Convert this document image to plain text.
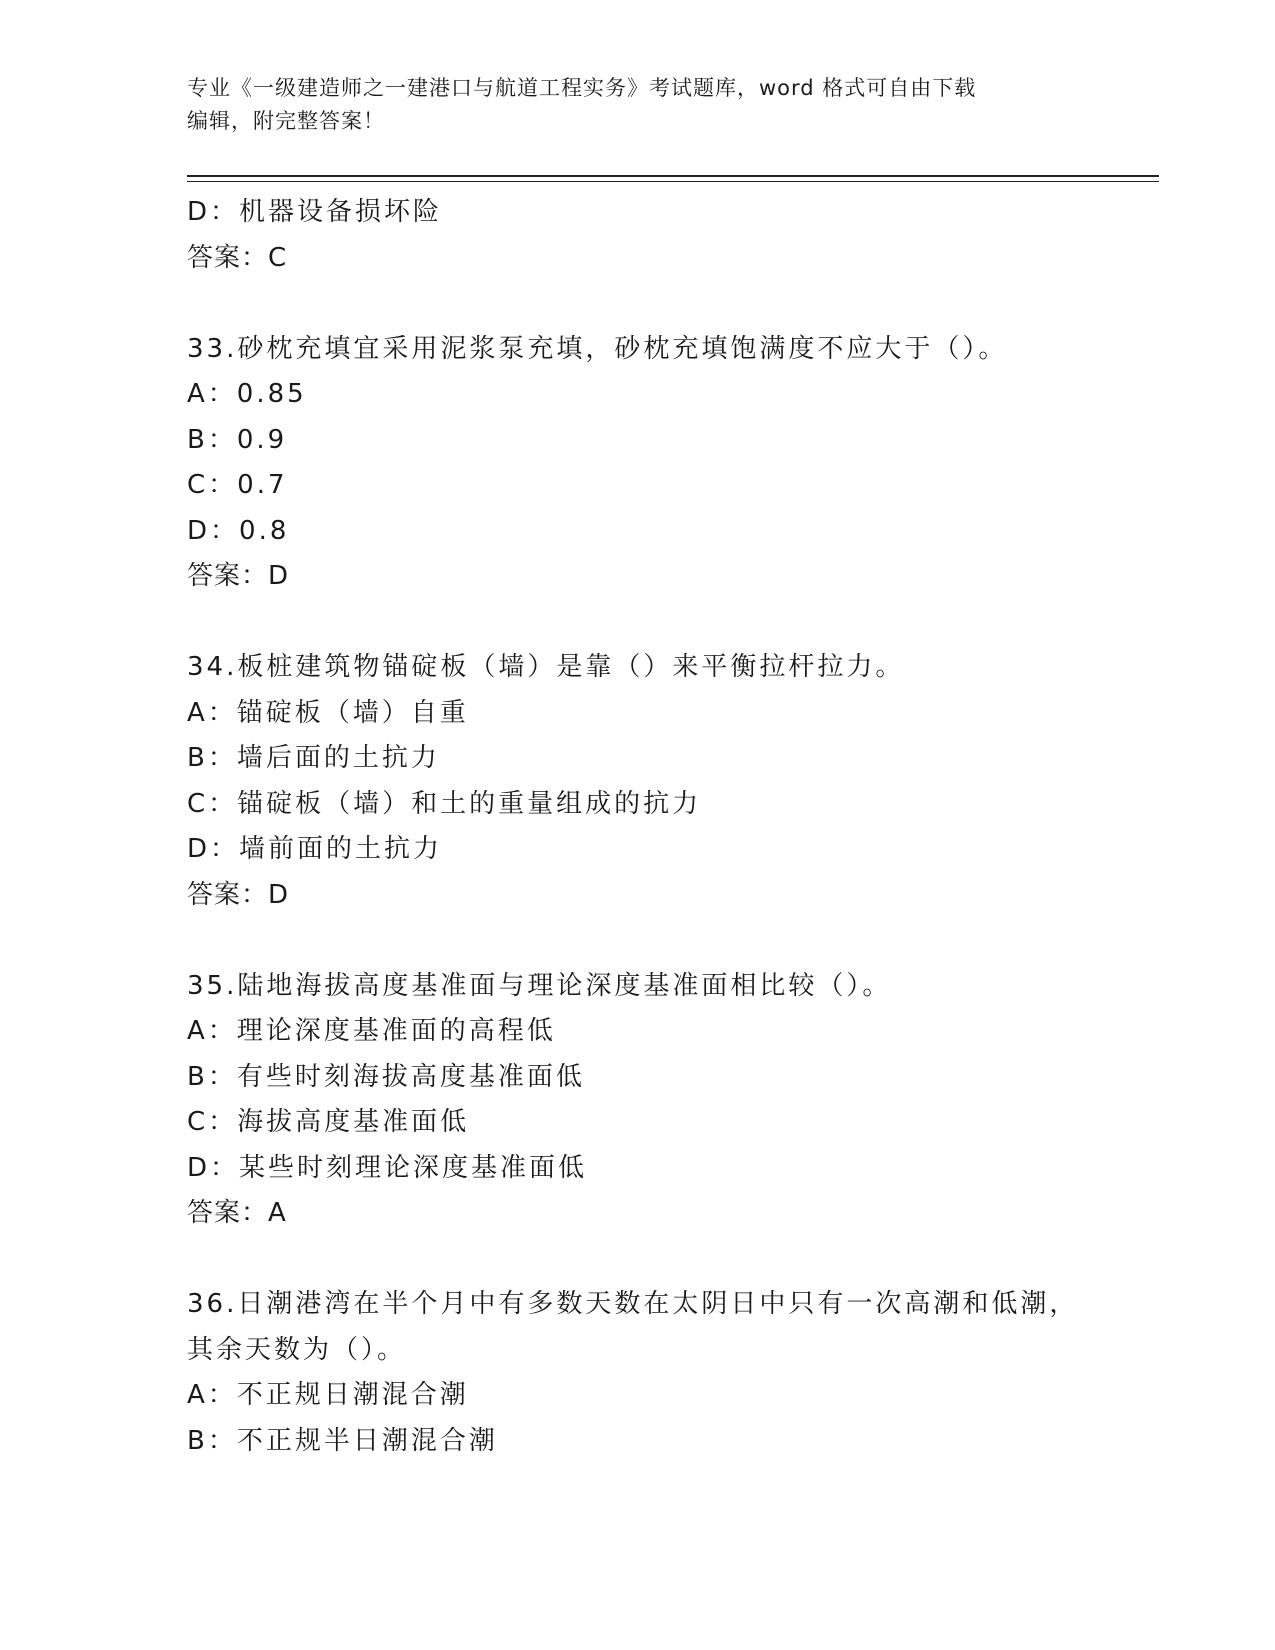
专业《一级建造师之一建港口与航道工程实务》考试题库，word 格式可自由下载
编辑，附完整答案！
D：机器设备损坏险
答案：C
33.砂枕充填宜采用泥浆泵充填，砂枕充填饱满度不应大于（）。
A：0.85
B：0.9
C：0.7
D：0.8
答案：D
34.板桩建筑物锚碇板（墙）是靠（）来平衡拉杆拉力。
A：锚碇板（墙）自重
B：墙后面的土抗力
C：锚碇板（墙）和土的重量组成的抗力
D：墙前面的土抗力
答案：D
35.陆地海拔高度基准面与理论深度基准面相比较（）。
A：理论深度基准面的高程低
B：有些时刻海拔高度基准面低
C：海拔高度基准面低
D：某些时刻理论深度基准面低
答案：A
36.日潮港湾在半个月中有多数天数在太阴日中只有一次高潮和低潮，
其余天数为（）。
A：不正规日潮混合潮
B：不正规半日潮混合潮
